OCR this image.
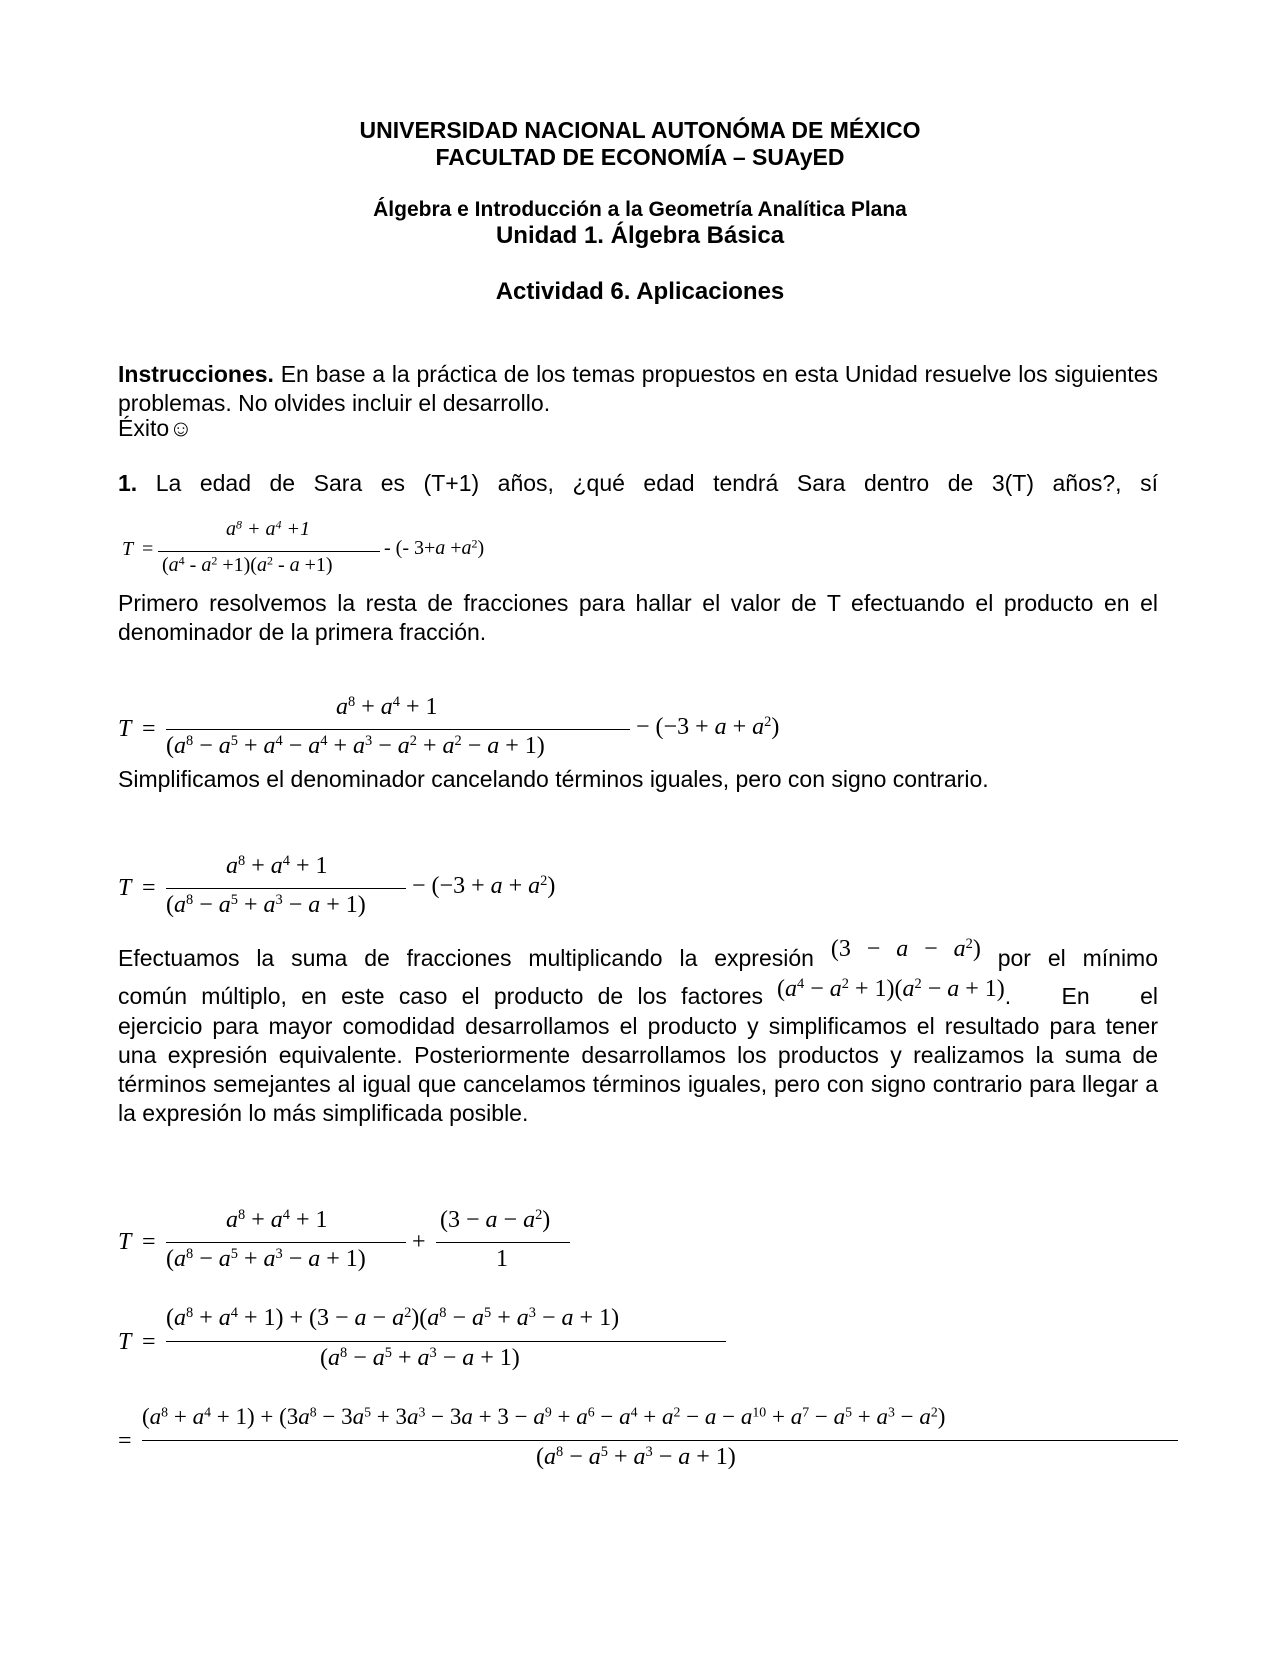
UNIVERSIDAD NACIONAL AUTONÓMA DE MÉXICO
FACULTAD DE ECONOMÍA – SUAyED
Álgebra e Introducción a la Geometría Analítica Plana
Unidad 1. Álgebra Básica
Actividad 6. Aplicaciones
Instrucciones. En base a la práctica de los temas propuestos en esta Unidad resuelve los siguientes problemas. No olvides incluir el desarrollo.
Éxito☺
1. La edad de Sara es (T+1) años, ¿qué edad tendrá Sara dentro de 3(T) años?, sí
T =
$a^8 + a^4 +1$
$(a^4 - a^2 +1)(a^2 - a +1)$
- (- $3+a +a^2$)
Primero resolvemos la resta de fracciones para hallar el valor de T efectuando el producto en el denominador de la primera fracción.
T =
$a^8 + a^4 + 1$
$(a^8 - a^5 + a^4 - a^4 + a^3 - a^2 + a^2 - a + 1)$
− $(-3 + a + a^2)$
Simplificamos el denominador cancelando términos iguales, pero con signo contrario.
T =
$a^8 + a^4 + 1$
$(a^8 - a^5 + a^3 - a + 1)$
− $(-3 + a + a^2)$
Efectuamos la suma de fracciones multiplicando la expresión $(3 - a - a^2)$ por el mínimo
común múltiplo, en este caso el producto de los factores $(a^4 - a^2 + 1)(a^2 - a + 1)$. En el ejercicio para mayor comodidad desarrollamos el producto y simplificamos el resultado para tener una expresión equivalente. Posteriormente desarrollamos los productos y realizamos la suma de términos semejantes al igual que cancelamos términos iguales, pero con signo contrario para llegar a la expresión lo más simplificada posible.
T =
$a^8 + a^4 + 1$
$(a^8 - a^5 + a^3 - a + 1)$
+
$(3 - a - a^2)$
1
T =
$(a^8 + a^4 + 1) + (3 - a - a^2)(a^8 - a^5 + a^3 - a + 1)$
$(a^8 - a^5 + a^3 - a + 1)$
=
$(a^8 + a^4 + 1) + (3a^8 - 3a^5 + 3a^3 - 3a + 3 - a^9 + a^6 - a^4 + a^2 - a - a^{10} + a^7 - a^5 + a^3 - a^2)$
$(a^8 - a^5 + a^3 - a + 1)$
